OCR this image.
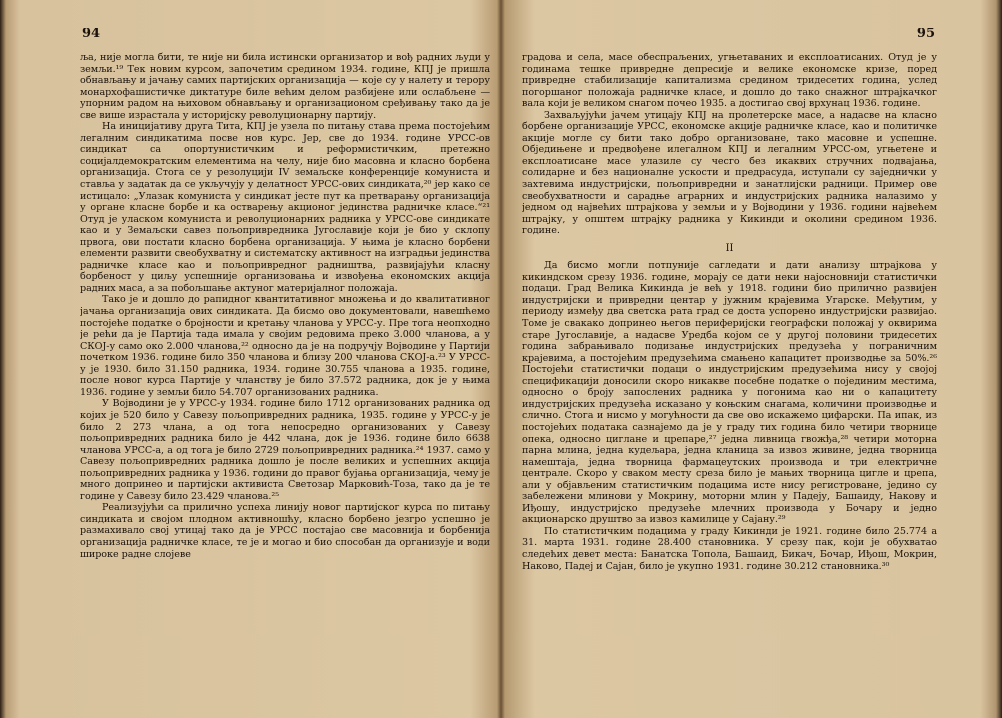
94

ља, није могла бити, те није ни била истински организатор и вођ радних људи у земљи.¹⁹ Тек новим курсом, започетим средином 1934. године, КПЈ је пришла обнављању и јачању самих партијских организација — које су у налету и терору монархофашистичке диктатуре биле већим делом разбијене или ослабљене — упорним радом на њиховом обнављању и организационом сређивању тако да је све више израстала у историјску револуционарну партију.

На иницијативу друга Тита, КПЈ је узела по питању става према постојећим легалним синдикатима посве нов курс. Јер, све до 1934. године УРСС-ов синдикат са опортунистичким и реформистичким, претежно социјалдемократским елементима на челу, није био масовна и класно борбена организација. Стога се у резолуцији IV земаљске конференције комуниста и ставља у задатак да се укључују у делатност УРСС-ових синдиката,²⁰ јер како се истицало: „Улазак комуниста у синдикат јесте пут ка претварању организација у органе класне борбе и ка остварењу акционог јединства радничке класе.“²¹ Отуд је уласком комуниста и револуционарних радника у УРСС-ове синдикате као и у Земаљски савез пољопривредника Југославије који је био у склопу првога, ови постати класно борбена организација. У њима је класно борбени елементи развити свеобухватну и систематску активност на изградњи јединства радничке класе као и пољопривредног радништва, развијајући класну борбеност у циљу успешније организовања и извођења економских акција радних маса, а за побољшање актуног материјалног положаја.

Тако је и дошло до рапидног квантитативног множења и до квалитативног јачања организација ових синдиката. Да бисмо ово документовали, навешћемо постојеће податке о бројности и кретању чланова у УРСС-у. Пре тога неопходно је рећи да је Партија тада имала у својим редовима преко 3.000 чланова, а у СКОЈ-у само око 2.000 чланова,²² односно да је на подручју Војводине у Партији почетком 1936. године било 350 чланова и близу 200 чланова СКОЈ-а.²³ У УРСС-у је 1930. било 31.150 радника, 1934. године 30.755 чланова а 1935. године, после новог курса Партије у чланству је било 37.572 радника, док је у њима 1936. године у земљи било 54.707 организованих радника.

У Војводини је у УРСС-у 1934. године било 1712 организованих радника од којих је 520 било у Савезу пољопривредних радника, 1935. године у УРСС-у је било 2 273 члана, а од тога непосредно организованих у Савезу пољопривредних радника било је 442 члана, док је 1936. године било 6638 чланова УРСС-а, а од тога је било 2729 пољопривредних радника.²⁴ 1937. само у Савезу пољопривредних радника дошло је после великих и успешних акција пољопривредних радника у 1936. години до правог бујања организација, чему је много допринео и партијски активиста Светозар Марковић-Тоза, тако да је те године у Савезу било 23.429 чланова.²⁵

Реализујући са прилично успеха линију новог партијског курса по питању синдиката и својом плодном активношћу, класно борбено језгро успешно је размахивало свој утицај тако да је УРСС постајао све масовнија и борбенија организација радничке класе, те је и могао и био способан да организује и води широке радне слојеве

95

градова и села, масе обеспраљених, угњетаваних и експлоатисаних. Отуд је у годинама тешке привредне депресије и велике економске кризе, поред привредне стабилизације капитализма средином тридесетих година, услед погоршаног положаја радничке класе, и дошло до тако снажног штрајкачког вала који је великом снагом почео 1935. а достигао свој врхунац 1936. године.

Захваљујући јачем утицају КПЈ на пролетерске масе, а надасве на класно борбене организације УРСС, економске акције радничке класе, као и политичке акције могле су бити тако добро организоване, тако масовне и успешне. Обједињене и предвођене илегалном КПЈ и легалним УРСС-ом, угњетене и експлоатисане масе улазиле су чесго без икаквих стручних подвајања, солидарне и без националне ускости и предрасуда, иступали су заједнички у захтевима индустријски, пољопривредни и занатлијски радници. Пример ове свеобухватности и сарадње аграрних и индустријских радника налазимо у једном од највећих штрајкова у земљи и у Војводини у 1936. години највећем штрајку, у општем штрајку радника у Кикинди и околини средином 1936. године.

II

Да бисмо могли потпуније сагледати и дати анализу штрајкова у кикиндском срезу 1936. године, морају се дати неки најосновнији статистички подаци. Град Велика Кикинда је већ у 1918. години био прилично развијен индустријски и привредни центар у јужним крајевима Угарске. Међутим, у периоду између два светска рата град се доста успорено индустријски развијао. Томе је свакако допринео његов периферијски географски положај у оквирима старе Југославије, а надасве Уредба којом се у другој половини тридесетих година забрањивало подизање индустријских предузећа у пограничним крајевима, а постојећим предузећима смањено капацитет производње за 50%.²⁶ Постојећи статистички подаци о индустријским предузећима нису у својој спецификацији доносили скоро никакве посебне податке о појединим местима, односно о броју запослених радника у погонима као ни о капацитету индустријских предузећа исказано у коњским снагама, количини производње и слично. Стога и нисмо у могућности да све ово искажемо цифарски. Па ипак, из постојећих података сазнајемо да је у граду тих година било четири творнице опека, односно циглане и црепаре,²⁷ једна ливница гвожђа,²⁸ четири моторна парна млина, једна кудељара, једна кланица за извоз живине, једна творница намештаја, једна творница фармацеутских производа и три електричне централе. Скоро у сваком месту среза било је мањих творница цигле и црепа, али у објављеним статистичким подацима исте нису регистроване, једино су забележени млинови у Мокрину, моторни млин у Падеју, Башаиду, Накову и Иђошу, индустријско предузеће млечних производа у Бочару и једно акционарско друштво за извоз камилице у Сајану.²⁹

По статистичким подацима у граду Кикинди је 1921. године било 25.774 а 31. марта 1931. године 28.400 становника. У срезу пак, који је обухватао следећих девет места: Банатска Топола, Башаид, Бикач, Бочар, Иђош, Мокрин, Наково, Падеј и Сајан, било је укупно 1931. године 30.212 становника.³⁰
